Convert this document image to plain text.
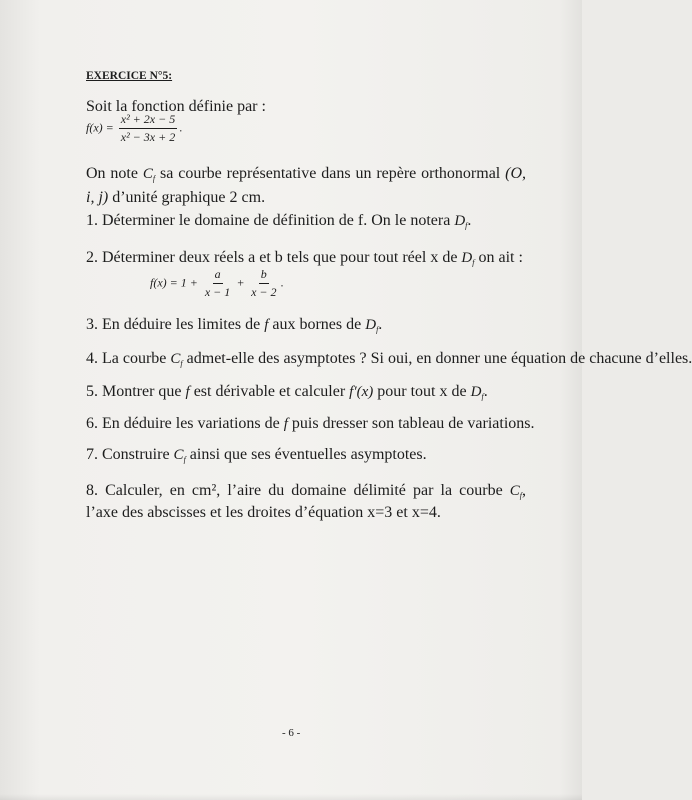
EXERCICE N°5:
Soit la fonction définie par :
$f(x) = \frac{\text{x² + 2x − 5}}{\text{x² − 3x + 2}}$ .
On note $C_f$ sa courbe représentative dans un repère orthonormal (O, i, j) d’unité graphique 2 cm.
1. Déterminer le domaine de définition de f. On le notera $D_f$.
2. Déterminer deux réels a et b tels que pour tout réel x de $D_f$ on ait :
$f(x) = 1 + \frac{a}{x - 1} + \frac{b}{x - 2}$ .
3. En déduire les limites de f aux bornes de $D_f$.
4. La courbe $C_f$ admet-elle des asymptotes ? Si oui, en donner une équation de chacune d’elles.
5. Montrer que f est dérivable et calculer f′(x) pour tout x de $D_f$.
6. En déduire les variations de f puis dresser son tableau de variations.
7. Construire $C_f$ ainsi que ses éventuelles asymptotes.
8. Calculer, en cm², l’aire du domaine délimité par la courbe $C_f$, l’axe des abscisses et les droites d’équation x=3 et x=4.
- 6 -
